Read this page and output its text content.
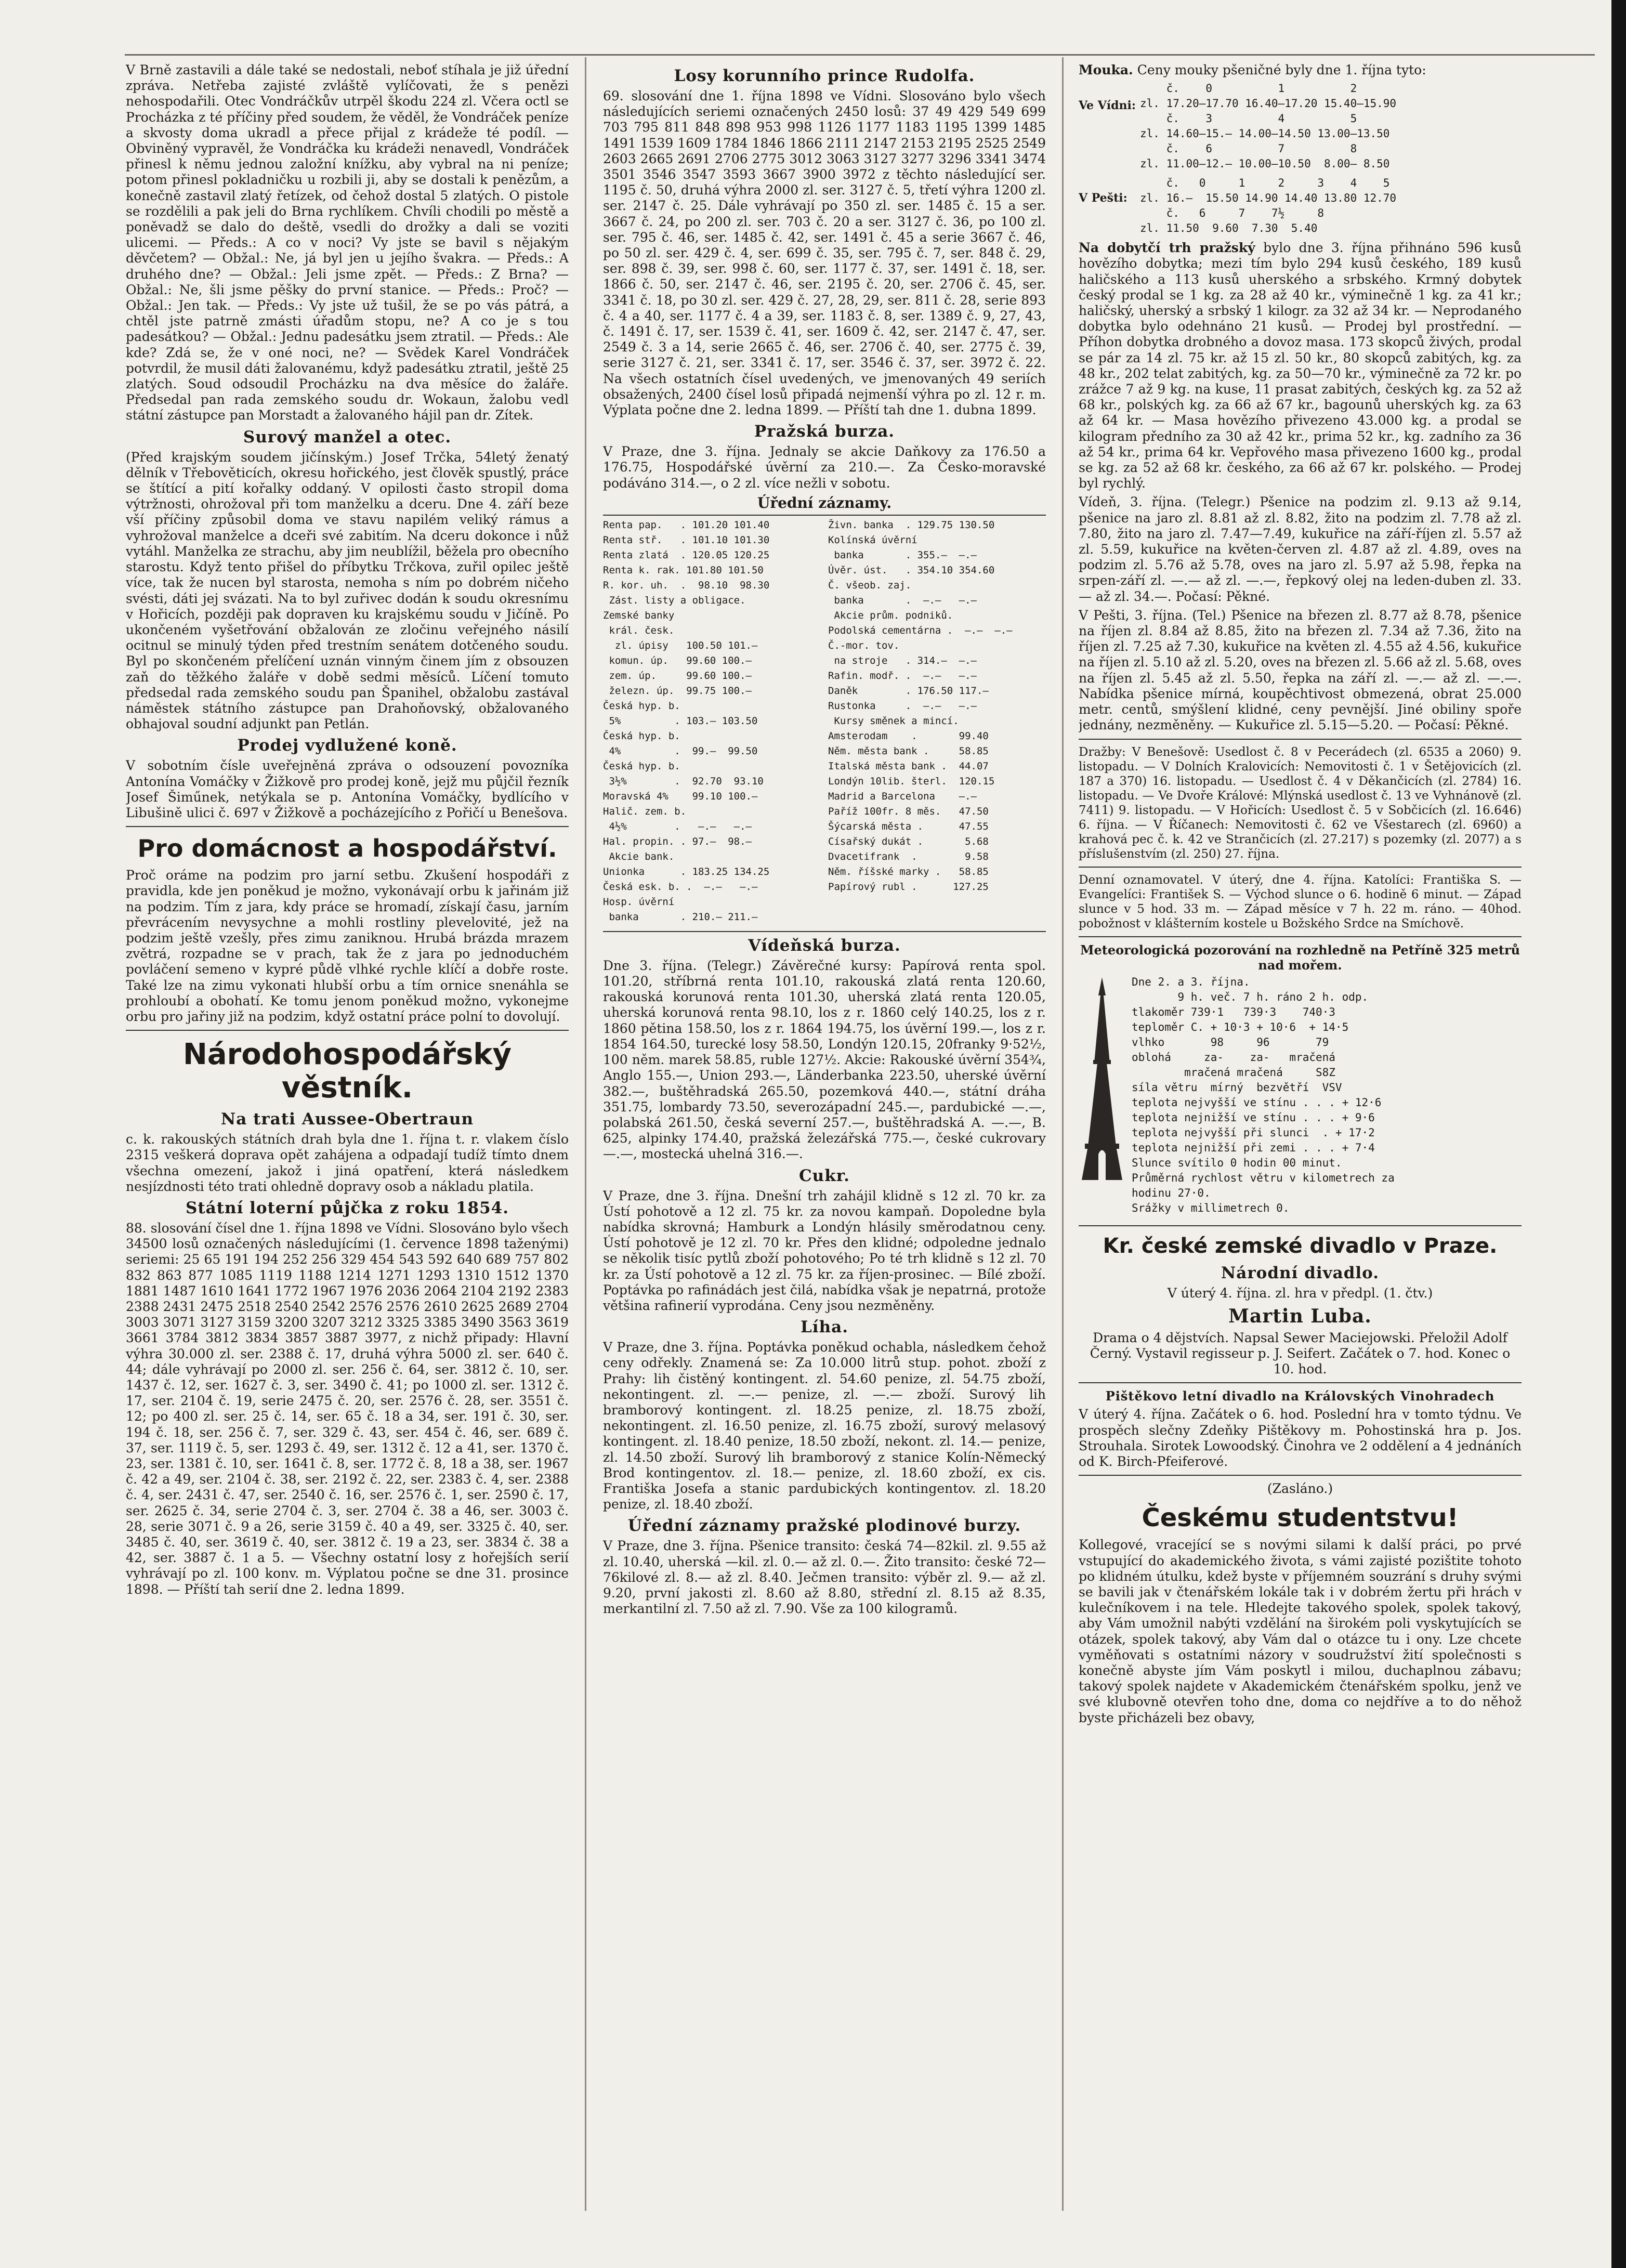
V Brně zastavili a dále také se nedostali, neboť stíhala je již úřední zpráva. Netřeba zajisté zvláště vylíčovati, že s penězi nehospodařili. Otec Vondráčkův utrpěl škodu 224 zl. Včera octl se Procházka z té příčiny před soudem, že věděl, že Vondráček peníze a skvosty doma ukradl a přece přijal z krádeže té podíl. — Obviněný vypravěl, že Vondráčka ku krádeži nenavedl, Vondráček přinesl k němu jednou založní knížku, aby vybral na ni peníze; potom přinesl pokladničku u rozbili ji, aby se dostali k penězům, a konečně zastavil zlatý řetízek, od čehož dostal 5 zlatých. O pistole se rozdělili a pak jeli do Brna rychlíkem. Chvíli chodili po městě a poněvadž se dalo do deště, vsedli do drožky a dali se voziti ulicemi. — Předs.: A co v noci? Vy jste se bavil s nějakým děvčetem? — Obžal.: Ne, já byl jen u jejího švakra. — Předs.: A druhého dne? — Obžal.: Jeli jsme zpět. — Předs.: Z Brna? — Obžal.: Ne, šli jsme pěšky do první stanice. — Předs.: Proč? — Obžal.: Jen tak. — Předs.: Vy jste už tušil, že se po vás pátrá, a chtěl jste patrně zmásti úřadům stopu, ne? A co je s tou padesátkou? — Obžal.: Jednu padesátku jsem ztratil. — Předs.: Ale kde? Zdá se, že v oné noci, ne? — Svědek Karel Vondráček potvrdil, že musil dáti žalovanému, když padesátku ztratil, ještě 25 zlatých. Soud odsoudil Procházku na dva měsíce do žaláře. Předsedal pan rada zemského soudu dr. Wokaun, žalobu vedl státní zástupce pan Morstadt a žalovaného hájil pan dr. Zítek.

Surový manžel a otec.

(Před krajským soudem jičínským.) Josef Trčka, 54letý ženatý dělník v Třebověticích, okresu hořického, jest člověk spustlý, práce se štítící a pití kořalky oddaný. V opilosti často stropil doma výtržnosti, ohrožoval při tom manželku a dceru. Dne 4. září beze vší příčiny způsobil doma ve stavu napilém veliký rámus a vyhrožoval manželce a dceři své zabitím. Na dceru dokonce i nůž vytáhl. Manželka ze strachu, aby jim neublížil, běžela pro obecního starostu. Když tento přišel do příbytku Trčkova, zuřil opilec ještě více, tak že nucen byl starosta, nemoha s ním po dobrém ničeho svésti, dáti jej svázati. Na to byl zuřivec dodán k soudu okresnímu v Hořicích, později pak dopraven ku krajskému soudu v Jičíně. Po ukončeném vyšetřování obžalován ze zločinu veřejného násilí ocitnul se minulý týden před trestním senátem dotčeného soudu. Byl po skončeném přelíčení uznán vinným činem jím z obsouzen zaň do těžkého žaláře v době sedmi měsíců. Líčení tomuto předsedal rada zemského soudu pan Španihel, obžalobu zastával náměstek státního zástupce pan Drahoňovský, obžalovaného obhajoval soudní adjunkt pan Petlán.

Prodej vydlužené koně.

V sobotním čísle uveřejněná zpráva o odsouzení povozníka Antonína Vomáčky v Žižkově pro prodej koně, jejž mu půjčil řezník Josef Šiműnek, netýkala se p. Antonína Vomáčky, bydlícího v Libušině ulici č. 697 v Žižkově a pocházejícího z Pořičí u Benešova.

Pro domácnost a hospodářství.

Proč oráme na podzim pro jarní setbu. Zkušení hospodáři z pravidla, kde jen poněkud je možno, vykonávají orbu k jařinám již na podzim. Tím z jara, kdy práce se hromadí, získají času, jarním převrácením nevysychne a mohli rostliny plevelovité, jež na podzim ještě vzešly, přes zimu zaniknou. Hrubá brázda mrazem zvětrá, rozpadne se v prach, tak že z jara po jednoduchém povláčení semeno v kypré půdě vlhké rychle klíčí a dobře roste. Také lze na zimu vykonati hlubší orbu a tím ornice snenáhla se prohloubí a obohatí. Ke tomu jenom poněkud možno, vykonejme orbu pro jařiny již na podzim, když ostatní práce polní to dovolují.

Národohospodářský věstník.
Na trati Aussee-Obertraun

c. k. rakouských státních drah byla dne 1. října t. r. vlakem číslo 2315 veškerá doprava opět zahájena a odpadají tudíž tímto dnem všechna omezení, jakož i jiná opatření, která následkem nesjízdnosti této trati ohledně dopravy osob a nákladu platila.

Státní loterní půjčka z roku 1854.

88. slosování čísel dne 1. října 1898 ve Vídni. Slosováno bylo všech 34500 losů označených následujícími (1. července 1898 taženými) seriemi: 25 65 191 194 252 256 329 454 543 592 640 689 757 802 832 863 877 1085 1119 1188 1214 1271 1293 1310 1512 1370 1881 1487 1610 1641 1772 1967 1976 2036 2064 2104 2192 2383 2388 2431 2475 2518 2540 2542 2576 2576 2610 2625 2689 2704 3003 3071 3127 3159 3200 3207 3212 3325 3385 3490 3563 3619 3661 3784 3812 3834 3857 3887 3977, z nichž připady: Hlavní výhra 30.000 zl. ser. 2388 č. 17, druhá výhra 5000 zl. ser. 640 č. 44; dále vyhrávají po 2000 zl. ser. 256 č. 64, ser. 3812 č. 10, ser. 1437 č. 12, ser. 1627 č. 3, ser. 3490 č. 41; po 1000 zl. ser. 1312 č. 17, ser. 2104 č. 19, serie 2475 č. 20, ser. 2576 č. 28, ser. 3551 č. 12; po 400 zl. ser. 25 č. 14, ser. 65 č. 18 a 34, ser. 191 č. 30, ser. 194 č. 18, ser. 256 č. 7, ser. 329 č. 43, ser. 454 č. 46, ser. 689 č. 37, ser. 1119 č. 5, ser. 1293 č. 49, ser. 1312 č. 12 a 41, ser. 1370 č. 23, ser. 1381 č. 10, ser. 1641 č. 8, ser. 1772 č. 8, 18 a 38, ser. 1967 č. 42 a 49, ser. 2104 č. 38, ser. 2192 č. 22, ser. 2383 č. 4, ser. 2388 č. 4, ser. 2431 č. 47, ser. 2540 č. 16, ser. 2576 č. 1, ser. 2590 č. 17, ser. 2625 č. 34, serie 2704 č. 3, ser. 2704 č. 38 a 46, ser. 3003 č. 28, serie 3071 č. 9 a 26, serie 3159 č. 40 a 49, ser. 3325 č. 40, ser. 3485 č. 40, ser. 3619 č. 40, ser. 3812 č. 19 a 23, ser. 3834 č. 38 a 42, ser. 3887 č. 1 a 5. — Všechny ostatní losy z hořejších serií vyhrávají po zl. 100 konv. m. Výplatou počne se dne 31. prosince 1898. — Příští tah serií dne 2. ledna 1899.

Losy korunního prince Rudolfa.

69. slosování dne 1. října 1898 ve Vídni. Slosováno bylo všech následujících seriemi označených 2450 losů: 37 49 429 549 699 703 795 811 848 898 953 998 1126 1177 1183 1195 1399 1485 1491 1539 1609 1784 1846 1866 2111 2147 2153 2195 2525 2549 2603 2665 2691 2706 2775 3012 3063 3127 3277 3296 3341 3474 3501 3546 3547 3593 3667 3900 3972 z těchto následující ser. 1195 č. 50, druhá výhra 2000 zl. ser. 3127 č. 5, třetí výhra 1200 zl. ser. 2147 č. 25. Dále vyhrávají po 350 zl. ser. 1485 č. 15 a ser. 3667 č. 24, po 200 zl. ser. 703 č. 20 a ser. 3127 č. 36, po 100 zl. ser. 795 č. 46, ser. 1485 č. 42, ser. 1491 č. 45 a serie 3667 č. 46, po 50 zl. ser. 429 č. 4, ser. 699 č. 35, ser. 795 č. 7, ser. 848 č. 29, ser. 898 č. 39, ser. 998 č. 60, ser. 1177 č. 37, ser. 1491 č. 18, ser. 1866 č. 50, ser. 2147 č. 46, ser. 2195 č. 20, ser. 2706 č. 45, ser. 3341 č. 18, po 30 zl. ser. 429 č. 27, 28, 29, ser. 811 č. 28, serie 893 č. 4 a 40, ser. 1177 č. 4 a 39, ser. 1183 č. 8, ser. 1389 č. 9, 27, 43, č. 1491 č. 17, ser. 1539 č. 41, ser. 1609 č. 42, ser. 2147 č. 47, ser. 2549 č. 3 a 14, serie 2665 č. 46, ser. 2706 č. 40, ser. 2775 č. 39, serie 3127 č. 21, ser. 3341 č. 17, ser. 3546 č. 37, ser. 3972 č. 22. Na všech ostatních čísel uvedených, ve jmenovaných 49 seriích obsažených, 2400 čísel losů připadá nejmenší výhra po zl. 12 r. m. Výplata počne dne 2. ledna 1899. — Příští tah dne 1. dubna 1899.

Pražská burza.

V Praze, dne 3. října. Jednaly se akcie Daňkovy za 176.50 a 176.75, Hospodářské úvěrní za 210.—. Za Česko-moravské podáváno 314.—, o 2 zl. více nežli v sobotu.

Úřední záznamy.
Renta pap.   . 101.20 101.40
Renta stř.   . 101.10 101.30
Renta zlatá  . 120.05 120.25
Renta k. rak. 101.80 101.50
R. kor. uh.  .  98.10  98.30
Zást. listy a obligace.
Zemské banky
král. česk.
zl. úpisy   100.50 101.—
komun. úp.   99.60 100.—
zem. úp.     99.60 100.—
železn. úp.  99.75 100.—
Česká hyp. b.
5%         . 103.— 103.50
Česká hyp. b.
4%         .  99.—  99.50
Česká hyp. b.
3½%        .  92.70  93.10
Moravská 4%    99.10 100.—
Halič. zem. b.
4½%        .   —.—   —.—
Hal. propin. . 97.—  98.—
Akcie bank.
Unionka      . 183.25 134.25
Česká esk. b. .  —.—   —.—
Hosp. úvěrní
banka       . 210.— 211.—
Živn. banka  . 129.75 130.50
Kolínská úvěrní
banka       . 355.—  —.—
Úvěr. úst.   . 354.10 354.60
Č. všeob. zaj.
banka       .  —.—   —.—
Akcie prům. podniků.
Podolská cementárna .  —.—  —.—
Č.-mor. tov.
na stroje   . 314.—  —.—
Rafin. modř. .  —.—   —.—
Daněk        . 176.50 117.—
Rustonka     .  —.—   —.—
Kursy směnek a mincí.
Amsterodam    .       99.40
Něm. města bank .     58.85
Italská města bank .  44.07
Londýn 10lib. šterl.  120.15
Madrid a Barcelona    —.—
Paříž 100fr. 8 měs.   47.50
Šýcarská města .      47.55
Císařský dukát .       5.68
Dvacetifrank  .        9.58
Něm. říšské marky .   58.85
Papírový rubl .      127.25
Vídeňská burza.

Dne 3. října. (Telegr.) Závěrečné kursy: Papírová renta spol. 101.20, stříbrná renta 101.10, rakouská zlatá renta 120.60, rakouská korunová renta 101.30, uherská zlatá renta 120.05, uherská korunová renta 98.10, los z r. 1860 celý 140.25, los z r. 1860 pětina 158.50, los z r. 1864 194.75, los úvěrní 199.—, los z r. 1854 164.50, turecké losy 58.50, Londýn 120.15, 20franky 9·52½, 100 něm. marek 58.85, ruble 127½. Akcie: Rakouské úvěrní 354³⁄₄, Anglo 155.—, Union 293.—, Länderbanka 223.50, uherské úvěrní 382.—, buštěhradská 265.50, pozemková 440.—, státní dráha 351.75, lombardy 73.50, severozápadní 245.—, pardubické —.—, polabská 261.50, česká severní 257.—, buštěhradská A. —.—, B. 625, alpinky 174.40, pražská železářská 775.—, české cukrovary —.—, mostecká uhelná 316.—.

Cukr.

V Praze, dne 3. října. Dnešní trh zahájil klidně s 12 zl. 70 kr. za Ústí pohotově a 12 zl. 75 kr. za novou kampaň. Dopoledne byla nabídka skrovná; Hamburk a Londýn hlásily směrodatnou ceny. Ústí pohotově je 12 zl. 70 kr. Přes den klidné; odpoledne jednalo se několik tisíc pytlů zboží pohotového; Po té trh klidně s 12 zl. 70 kr. za Ústí pohotově a 12 zl. 75 kr. za říjen-prosinec. — Bílé zboží. Poptávka po rafinádách jest čilá, nabídka však je nepatrná, protože většina rafinerií vyprodána. Ceny jsou nezměněny.

Líha.

V Praze, dne 3. října. Poptávka poněkud ochabla, následkem čehož ceny odřekly. Znamená se: Za 10.000 litrů stup. pohot. zboží z Prahy: lih čistěný kontingent. zl. 54.60 penize, zl. 54.75 zboží, nekontingent. zl. —.— penize, zl. —.— zboží. Surový lih bramborový kontingent. zl. 18.25 penize, zl. 18.75 zboží, nekontingent. zl. 16.50 penize, zl. 16.75 zboží, surový melasový kontingent. zl. 18.40 penize, 18.50 zboží, nekont. zl. 14.— penize, zl. 14.50 zboží. Surový lih bramborový z stanice Kolín-Německý Brod kontingentov. zl. 18.— penize, zl. 18.60 zboží, ex cis. Františka Josefa a stanic pardubických kontingentov. zl. 18.20 penize, zl. 18.40 zboží.

Úřední záznamy pražské plodinové burzy.

V Praze, dne 3. října. Pšenice transito: česká 74—82kil. zl. 9.55 až zl. 10.40, uherská —kil. zl. 0.— až zl. 0.—. Žito transito: české 72—76kilové zl. 8.— až zl. 8.40. Ječmen transito: výběr zl. 9.— až zl. 9.20, první jakosti zl. 8.60 až 8.80, střední zl. 8.15 až 8.35, merkantilní zl. 7.50 až zl. 7.90. Vše za 100 kilogramů.

Mouka. Ceny mouky pšeničné byly dne 1. října tyto:

Ve Vídni:
č.    0          1          2
zl. 17.20—17.70 16.40—17.20 15.40—15.90
č.    3          4          5
zl. 14.60—15.— 14.00—14.50 13.00—13.50
č.    6          7          8
zl. 11.00—12.— 10.00—10.50  8.00— 8.50
V Pešti:
č.   0     1     2     3    4    5
zl. 16.—  15.50 14.90 14.40 13.80 12.70
č.   6     7    7½     8
zl. 11.50  9.60  7.30  5.40

Na dobytčí trh pražský bylo dne 3. října přihnáno 596 kusů hovězího dobytka; mezi tím bylo 294 kusů českého, 189 kusů haličského a 113 kusů uherského a srbského. Krmný dobytek český prodal se 1 kg. za 28 až 40 kr., výminečně 1 kg. za 41 kr.; haličský, uherský a srbský 1 kilogr. za 32 až 34 kr. — Neprodaného dobytka bylo odehnáno 21 kusů. — Prodej byl prostřední. — Příhon dobytka drobného a dovoz masa. 173 skopců živých, prodal se pár za 14 zl. 75 kr. až 15 zl. 50 kr., 80 skopců zabitých, kg. za 48 kr., 202 telat zabitých, kg. za 50—70 kr., výminečně za 72 kr. po zrážce 7 až 9 kg. na kuse, 11 prasat zabitých, českých kg. za 52 až 68 kr., polských kg. za 66 až 67 kr., bagounů uherských kg. za 63 až 64 kr. — Masa hovězího přivezeno 43.000 kg. a prodal se kilogram předního za 30 až 42 kr., prima 52 kr., kg. zadního za 36 až 54 kr., prima 64 kr. Vepřového masa přivezeno 1600 kg., prodal se kg. za 52 až 68 kr. českého, za 66 až 67 kr. polského. — Prodej byl rychlý.

Vídeň, 3. října. (Telegr.) Pšenice na podzim zl. 9.13 až 9.14, pšenice na jaro zl. 8.81 až zl. 8.82, žito na podzim zl. 7.78 až zl. 7.80, žito na jaro zl. 7.47—7.49, kukuřice na září-říjen zl. 5.57 až zl. 5.59, kukuřice na květen-červen zl. 4.87 až zl. 4.89, oves na podzim zl. 5.76 až 5.78, oves na jaro zl. 5.97 až 5.98, řepka na srpen-září zl. —.— až zl. —.—, řepkový olej na leden-duben zl. 33.— až zl. 34.—. Počasí: Pěkné.

V Pešti, 3. října. (Tel.) Pšenice na březen zl. 8.77 až 8.78, pšenice na říjen zl. 8.84 až 8.85, žito na březen zl. 7.34 až 7.36, žito na říjen zl. 7.25 až 7.30, kukuřice na květen zl. 4.55 až 4.56, kukuřice na říjen zl. 5.10 až zl. 5.20, oves na březen zl. 5.66 až zl. 5.68, oves na říjen zl. 5.45 až zl. 5.50, řepka na září zl. —.— až zl. —.—. Nabídka pšenice mírná, koupěchtivost obmezená, obrat 25.000 metr. centů, smýšlení klidné, ceny pevnější. Jiné obiliny spoře jednány, nezměněny. — Kukuřice zl. 5.15—5.20. — Počasí: Pěkné.

Dražby: V Benešově: Usedlost č. 8 v Pecerádech (zl. 6535 a 2060) 9. listopadu. — V Dolních Kralovicích: Nemovitosti č. 1 v Šetějovicích (zl. 187 a 370) 16. listopadu. — Usedlost č. 4 v Děkančicích (zl. 2784) 16. listopadu. — Ve Dvoře Králové: Mlýnská usedlost č. 13 ve Vyhnánově (zl. 7411) 9. listopadu. — V Hořicích: Usedlost č. 5 v Sobčicích (zl. 16.646) 6. října. — V Říčanech: Nemovitosti č. 62 ve Všestarech (zl. 6960) a krahová pec č. k. 42 ve Strančicích (zl. 27.217) s pozemky (zl. 2077) a s příslušenstvím (zl. 250) 27. října.

Denní oznamovatel. V úterý, dne 4. října. Katolíci: Františka S. — Evangelíci: František S. — Východ slunce o 6. hodině 6 minut. — Západ slunce v 5 hod. 33 m. — Západ měsíce v 7 h. 22 m. ráno. — 40hod. pobožnost v klášterním kostele u Božského Srdce na Smíchově.

Meteorologická pozorování na rozhledně na Petříně 325 metrů nad mořem.
Dne 2. a 3. října.
9 h. več. 7 h. ráno 2 h. odp.
tlakoměr 739·1   739·3    740·3
teploměr C. + 10·3 + 10·6  + 14·5
vlhko       98     96       79
oblohá     za-    za-   mračená
mračená mračená     S8Z
síla větru  mírný  bezvětří  VSV
teplota nejvyšší ve stínu . . . + 12·6
teplota nejnižší ve stínu . . . + 9·6
teplota nejvyšší při slunci  . + 17·2
teplota nejnižší při zemi . . . + 7·4
Slunce svítilo 0 hodin 00 minut.
Průměrná rychlost větru v kilometrech za
hodinu 27·0.
Srážky v millimetrech 0.
Kr. české zemské divadlo v Praze.
Národní divadlo.

V úterý 4. října. zl. hra v předpl. (1. čtv.)

Martin Luba.

Drama o 4 dějstvích. Napsal Sewer Maciejowski. Přeložil Adolf Černý. Vystavil regisseur p. J. Seifert. Začátek o 7. hod. Konec o 10. hod.

Pištěkovo letní divadlo na Královských Vinohradech

V úterý 4. října. Začátek o 6. hod. Poslední hra v tomto týdnu. Ve prospěch slečny Zdeňky Pištěkovy m. Pohostinská hra p. Jos. Strouhala. Sirotek Lowoodský. Činohra ve 2 oddělení a 4 jednáních od K. Birch-Pfeiferové.

(Zasláno.)

Českému studentstvu!

Kollegové, vracející se s novými silami k další práci, po prvé vstupující do akademického života, s vámi zajisté pozištite tohoto po klidném útulku, kdež byste v příjemném souzrání s druhy svými se bavili jak v čtenářském lokále tak i v dobrém žertu při hrách v kulečníkovem i na tele. Hledejte takového spolek, spolek takový, aby Vám umožnil nabýti vzdělání na širokém poli vyskytujících se otázek, spolek takový, aby Vám dal o otázce tu i ony. Lze chcete vyměňovati s ostatními názory v soudružství žití společnosti s konečně abyste jím Vám poskytl i milou, duchaplnou zábavu; takový spolek najdete v Akademickém čtenářském spolku, jenž ve své klubovně otevřen toho dne, doma co nejdříve a to do něhož byste přicházeli bez obavy,
